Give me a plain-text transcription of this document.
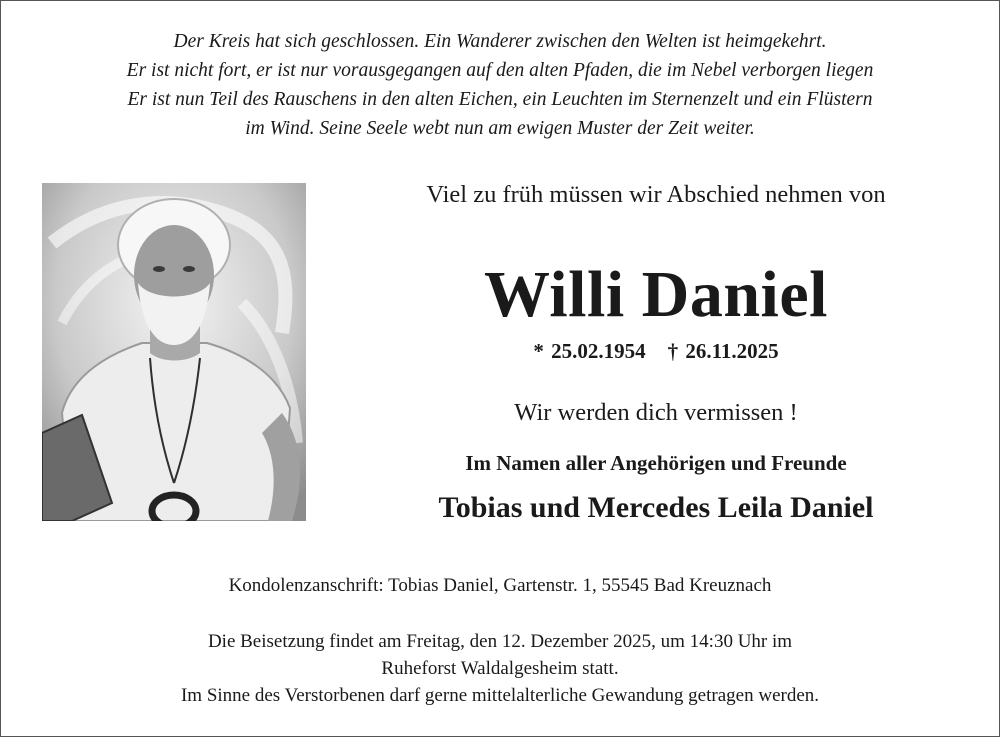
Der Kreis hat sich geschlossen. Ein Wanderer zwischen den Welten ist heimgekehrt.
Er ist nicht fort, er ist nur vorausgegangen auf den alten Pfaden, die im Nebel verborgen liegen
Er ist nun Teil des Rauschens in den alten Eichen, ein Leuchten im Sternenzelt und ein Flüstern
im Wind. Seine Seele webt nun am ewigen Muster der Zeit weiter.
Viel zu früh müssen wir Abschied nehmen von
Willi Daniel
* 25.02.1954 † 26.11.2025
Wir werden dich vermissen !
Im Namen aller Angehörigen und Freunde
Tobias und Mercedes Leila Daniel
Kondolenzanschrift: Tobias Daniel, Gartenstr. 1, 55545 Bad Kreuznach
Die Beisetzung findet am Freitag, den 12. Dezember 2025, um 14:30 Uhr im
Ruheforst Waldalgesheim statt.
Im Sinne des Verstorbenen darf gerne mittelalterliche Gewandung getragen werden.
